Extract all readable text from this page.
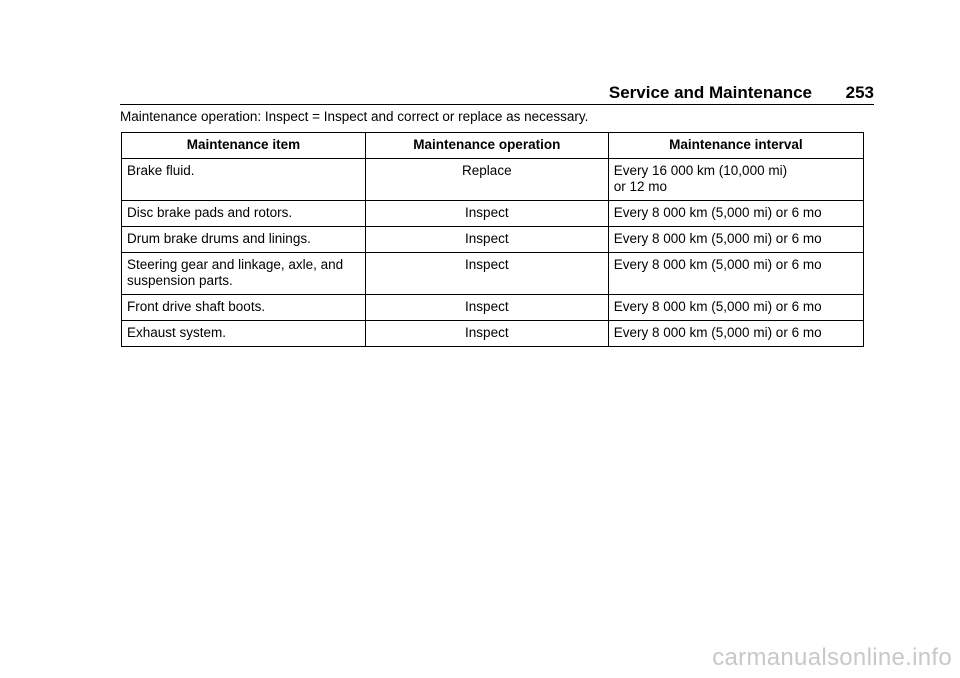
Service and Maintenance 253
Maintenance operation: Inspect = Inspect and correct or replace as necessary.
Maintenance item	Maintenance operation	Maintenance interval

Brake fluid.	Replace	Every 16 000 km (10,000 mi)
or 12 mo

Disc brake pads and rotors.	Inspect	Every 8 000 km (5,000 mi) or 6 mo

Drum brake drums and linings.	Inspect	Every 8 000 km (5,000 mi) or 6 mo

Steering gear and linkage, axle, and
suspension parts.	Inspect	Every 8 000 km (5,000 mi) or 6 mo

Front drive shaft boots.	Inspect	Every 8 000 km (5,000 mi) or 6 mo

Exhaust system.	Inspect	Every 8 000 km (5,000 mi) or 6 mo
carmanualsonline.info
